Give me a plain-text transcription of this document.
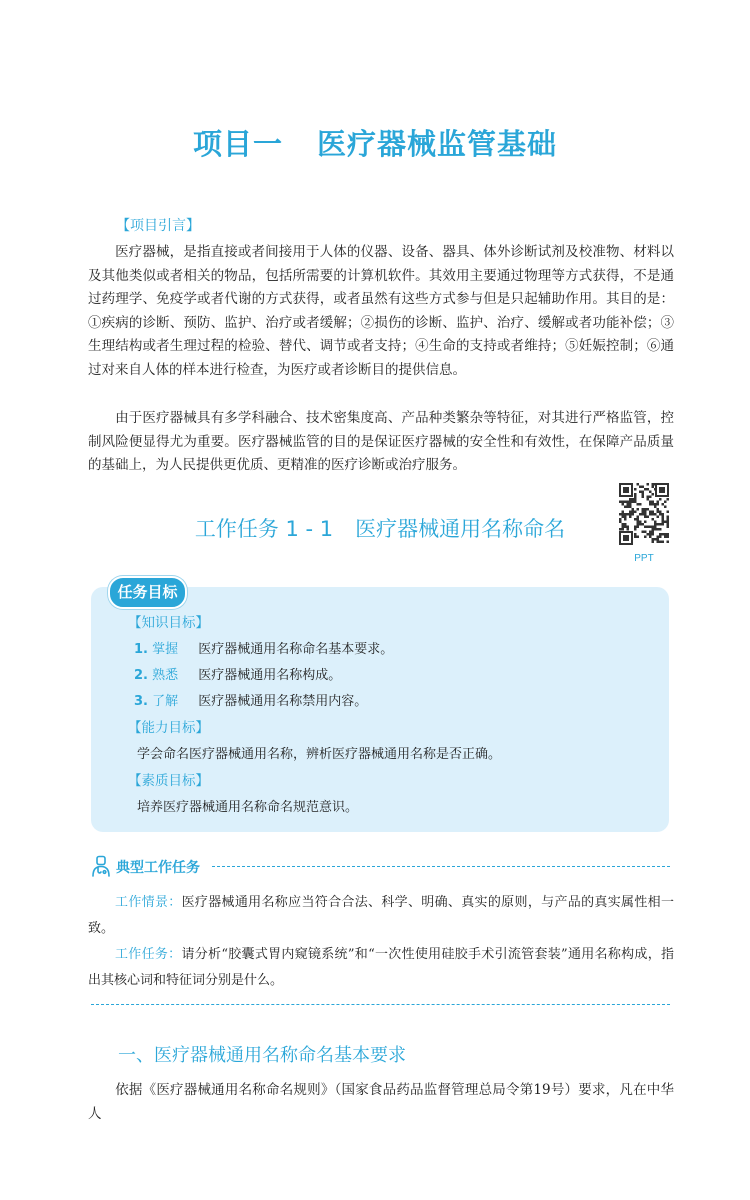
项目一 医疗器械监管基础
【项目引言】
医疗器械，是指直接或者间接用于人体的仪器、设备、器具、体外诊断试剂及校准物、材料以及其他类似或者相关的物品，包括所需要的计算机软件。其效用主要通过物理等方式获得，不是通过药理学、免疫学或者代谢的方式获得，或者虽然有这些方式参与但是只起辅助作用。其目的是：①疾病的诊断、预防、监护、治疗或者缓解；②损伤的诊断、监护、治疗、缓解或者功能补偿；③生理结构或者生理过程的检验、替代、调节或者支持；④生命的支持或者维持；⑤妊娠控制；⑥通过对来自人体的样本进行检查，为医疗或者诊断目的提供信息。
由于医疗器械具有多学科融合、技术密集度高、产品种类繁杂等特征，对其进行严格监管，控制风险便显得尤为重要。医疗器械监管的目的是保证医疗器械的安全性和有效性，在保障产品质量的基础上，为人民提供更优质、更精准的医疗诊断或治疗服务。
工作任务 1 - 1 医疗器械通用名称命名
PPT
任务目标
【知识目标】
1. 掌握 医疗器械通用名称命名基本要求。
2. 熟悉 医疗器械通用名称构成。
3. 了解 医疗器械通用名称禁用内容。
【能力目标】
学会命名医疗器械通用名称，辨析医疗器械通用名称是否正确。
【素质目标】
培养医疗器械通用名称命名规范意识。
典型工作任务
工作情景：医疗器械通用名称应当符合合法、科学、明确、真实的原则，与产品的真实属性相一致。
工作任务：请分析“胶囊式胃内窥镜系统”和“一次性使用硅胶手术引流管套装”通用名称构成，指出其核心词和特征词分别是什么。
一、医疗器械通用名称命名基本要求
依据《医疗器械通用名称命名规则》（国家食品药品监督管理总局令第19号）要求，凡在中华人
